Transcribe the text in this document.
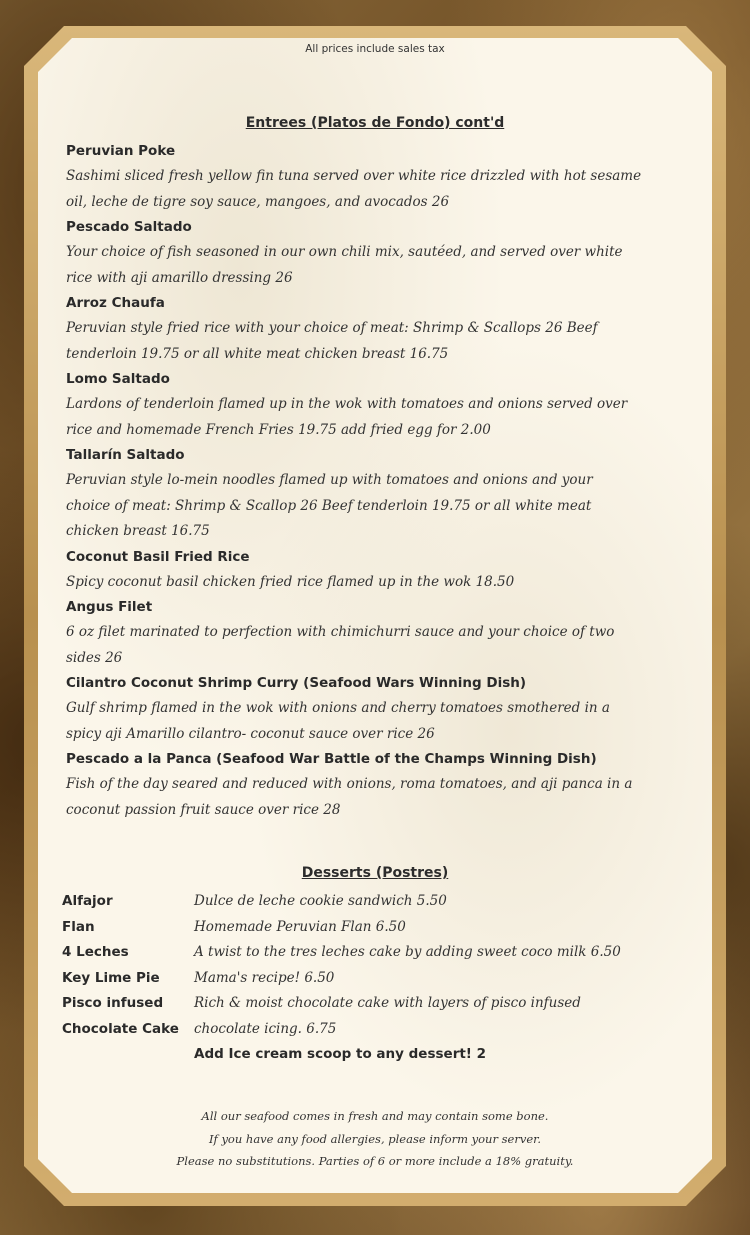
All prices include sales tax
Entrees (Platos de Fondo) cont'd
Peruvian Poke
Sashimi sliced fresh yellow fin tuna served over white rice drizzled with hot sesame
oil, leche de tigre soy sauce, mangoes, and avocados 26
Pescado Saltado
Your choice of fish seasoned in our own chili mix, sautéed, and served over white
rice with aji amarillo dressing 26
Arroz Chaufa
Peruvian style fried rice with your choice of meat: Shrimp & Scallops 26 Beef
tenderloin 19.75 or all white meat chicken breast 16.75
Lomo Saltado
Lardons of tenderloin flamed up in the wok with tomatoes and onions served over
rice and homemade French Fries 19.75 add fried egg for 2.00
Tallarín Saltado
Peruvian style lo-mein noodles flamed up with tomatoes and onions and your
choice of meat: Shrimp & Scallop 26 Beef tenderloin 19.75 or all white meat
chicken breast 16.75
Coconut Basil Fried Rice
Spicy coconut basil chicken fried rice flamed up in the wok 18.50
Angus Filet
6 oz filet marinated to perfection with chimichurri sauce and your choice of two
sides 26
Cilantro Coconut Shrimp Curry (Seafood Wars Winning Dish)
Gulf shrimp flamed in the wok with onions and cherry tomatoes smothered in a
spicy aji Amarillo cilantro- coconut sauce over rice 26
Pescado a la Panca (Seafood War Battle of the Champs Winning Dish)
Fish of the day seared and reduced with onions, roma tomatoes, and aji panca in a
coconut passion fruit sauce over rice 28
Desserts (Postres)
Alfajor	Dulce de leche cookie sandwich 5.50
Flan	Homemade Peruvian Flan 6.50
4 Leches	A twist to the tres leches cake by adding sweet coco milk 6.50
Key Lime Pie	Mama's recipe! 6.50
Pisco infused	Rich & moist chocolate cake with layers of pisco infused
Chocolate Cake	chocolate icing. 6.75
Add Ice cream scoop to any dessert! 2
All our seafood comes in fresh and may contain some bone.
If you have any food allergies, please inform your server.
Please no substitutions. Parties of 6 or more include a 18% gratuity.
